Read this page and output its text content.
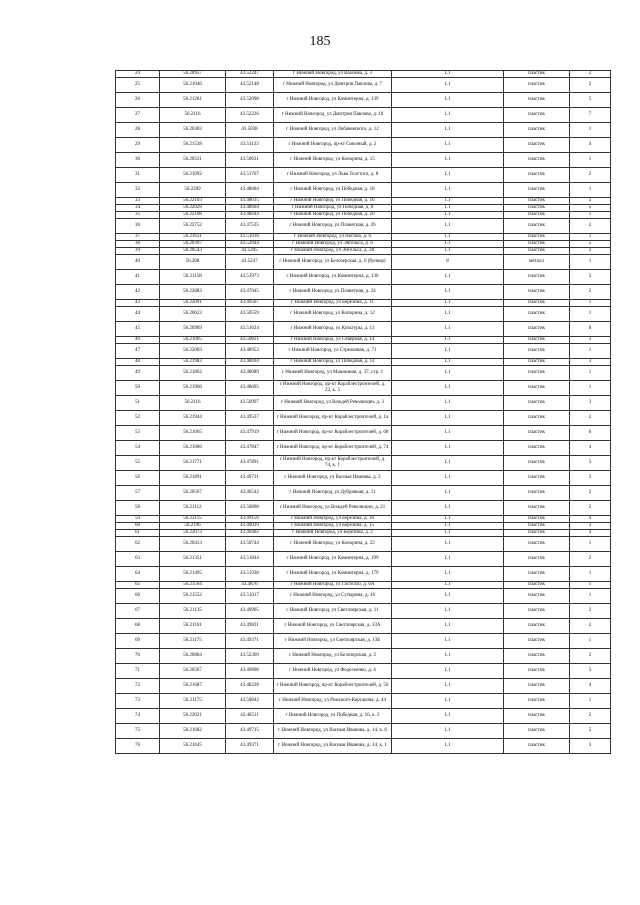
185
24	56.20957	43.52247	г Нижний Новгород, ул Вахнова, д. 3	1.1	пластик	2
25	56.21046	43.52148	г Нижний Новгород, ул Дмитрия Павлова, д. 7	1.1	пластик	2
26	56.21261	43.52098	г Нижний Новгород, ул Коминтерна, д. 139	1.1	пластик	5
27	56.2116	43.52226	г Нижний Новгород, ул Дмитрия Павлова, д. 10	1.1	пластик	7
28	56.20303	43.5038	г Нижний Новгород, ул Лобачевского, д. 12	1.1	пластик	1
29	56.21538	43.51133	г Нижний Новгород, пр-кт Союзный, д. 2	1.1	пластик	4
30	56.20531	43.50631	г Нижний Новгород, ул Копорина, д. 15	1.1	пластик	1
31	56.21092	43.51767	г Нижний Новгород, ул Льва Толстого, д. 8	1.1	пластик	2
32	56.2209	43.48604	г Нижний Новгород, ул Победная, д. 18	1.1	пластик	1
33	56.22103	43.48615	г Нижний Новгород, ул Победная, д. 16	1.1	пластик	2
34	56.22029	43.48604	г Нижний Новгород, ул Победная, д. 8	1.1	пластик	5
35	56.22108	43.48644	г Нижний Новгород, ул Победная, д. 20	1.1	пластик	1
36	56.22752	43.47525	г Нижний Новгород, ул Планетная, д. 26	1.1	пластик	2
37	56.21631	43.51018	г Нижний Новгород, ул Ногина, д. 6	1.1	пластик	1
38	56.20397	43.52044	г Нижний Новгород, ул Энгельса, д. 6	1.1	пластик	5
39	56.20543	43.5205	г Нижний Новгород, ул Энгельса, д. 28	1.1	пластик	2
40	56.208	43.5247	г Нижний Новгород, ул Белозерская, д. 6 (бункер)	8	металл	1
41	56.21158	43.51973	г Нижний Новгород, ул Коминтерна, д. 136	1.1	пластик	3
42	56.22883	43.47045	г Нижний Новгород, ул Планетная, д. 24	1.1	пластик	2
43	56.22091	43.49567	г Нижний Новгород, ул Березина, д. 11	1.1	пластик	1
44	56.20623	43.50559	г Нижний Новгород, ул Копорина, д. 12	1.1	пластик	1
45	56.20969	43.51624	г Нижний Новгород, ул Культуры, д. 13	1.1	пластик	8
46	56.21005	43.50821	г Нижний Новгород, ул Северная, д. 14	1.1	пластик	3
47	56.22003	43.48952	г Нижний Новгород, ул Стрелковая, д. 71	1.1	пластик	1
48	56.21983	43.48694	г Нижний Новгород, ул Победная, д. 14	1.1	пластик	3
49	56.21862	43.48089	г Нижний Новгород, ул Машинная, д. 37, стр. 1	1.1	пластик	1
50	56.21968	43.48695	г Нижний Новгород, пр-кт Кораблестроителей, д. 22, к. 5	1.1	пластик	1
51	56.2116	43.50997	г Нижний Новгород, ул Вождей Революции, д. 3	1.1	пластик	3
52	56.21944	43.49537	г Нижний Новгород, пр-кт Кораблестроителей, д. 1а	1.1	пластик	2
53	56.21665	43.47919	г Нижний Новгород, пр-кт Кораблестроителей, д. 68	1.1	пластик	6
54	56.21686	43.47847	г Нижний Новгород, пр-кт Кораблестроителей, д. 74	1.1	пластик	4
55	56.21771	43.47891	г Нижний Новгород, пр-кт Кораблестроителей, д. 74, к. 1	1.1	пластик	3
56	56.21891	43.49731	г Нижний Новгород, ул Васныя Иванова, д. 2	1.1	пластик	3
57	56.20567	43.46542	г Нижний Новгород, ул Дубравная, д. 11	1.1	пластик	2
58	56.21112	43.50898	г Нижний Новгород, ул Вождей Революции, д. 21	1.1	пластик	2
59	56.22115	43.49156	г Нижний Новгород, ул Березина, д. 16	1.1	пластик	4
60	56.2196	43.49029	г Нижний Новгород, ул Березина, д. 15	1.1	пластик	2
61	56.22073	43.49402	г Нижний Новгород, ул Березина, д. 2	1.1	пластик	4
62	56.20413	43.50744	г Нижний Новгород, ул Копорина, д. 22	1.1	пластик	1
63	56.21351	43.51844	г Нижний Новгород, ул Коминтерна, д. 199	1.1	пластик	2
64	56.21495	43.51938	г Нижний Новгород, ул Коминтерна, д. 179	1.1	пластик	1
65	56.21504	43.4876	г Нижний Новгород, ул Гастелло, д. 6А	1.1	пластик	1
66	56.21552	43.51017	г Нижний Новгород, ул Сутырина, д. 16	1.1	пластик	1
67	56.21135	43.49905	г Нижний Новгород, ул Светлоярская, д. 11	1.1	пластик	2
68	56.21161	43.49831	г Нижний Новгород, ул Светлоярская, д. 13А	1.1	пластик	2
69	56.21175	43.49371	г Нижний Новгород, ул Светлоярская, д. 13Б	1.1	пластик	1
70	56.20884	43.52369	г Нижний Новгород, ул Белозерская, д. 2	1.1	пластик	2
71	56.20567	43.49808	г Нижний Новгород, ул Федосеенко, д. 4	1.1	пластик	3
72	56.21687	43.48228	г Нижний Новгород, пр-кт Кораблестроителей, д. 56	1.1	пластик	4
73	56.21175	43.50842	г Нижний Новгород, ул Римского-Корсакова, д. 44	1.1	пластик	1
74	56.22021	43.48511	г Нижний Новгород, ул Победная, д. 10, к. 2	1.1	пластик	2
75	56.21682	43.49715	г Нижний Новгород, ул Васныя Иванова, д. 14, к. 8	1.1	пластик	5
76	56.21645	43.49371	г Нижний Новгород, ул Васныя Иванова, д. 14, к. 1	1.1	пластик	3
